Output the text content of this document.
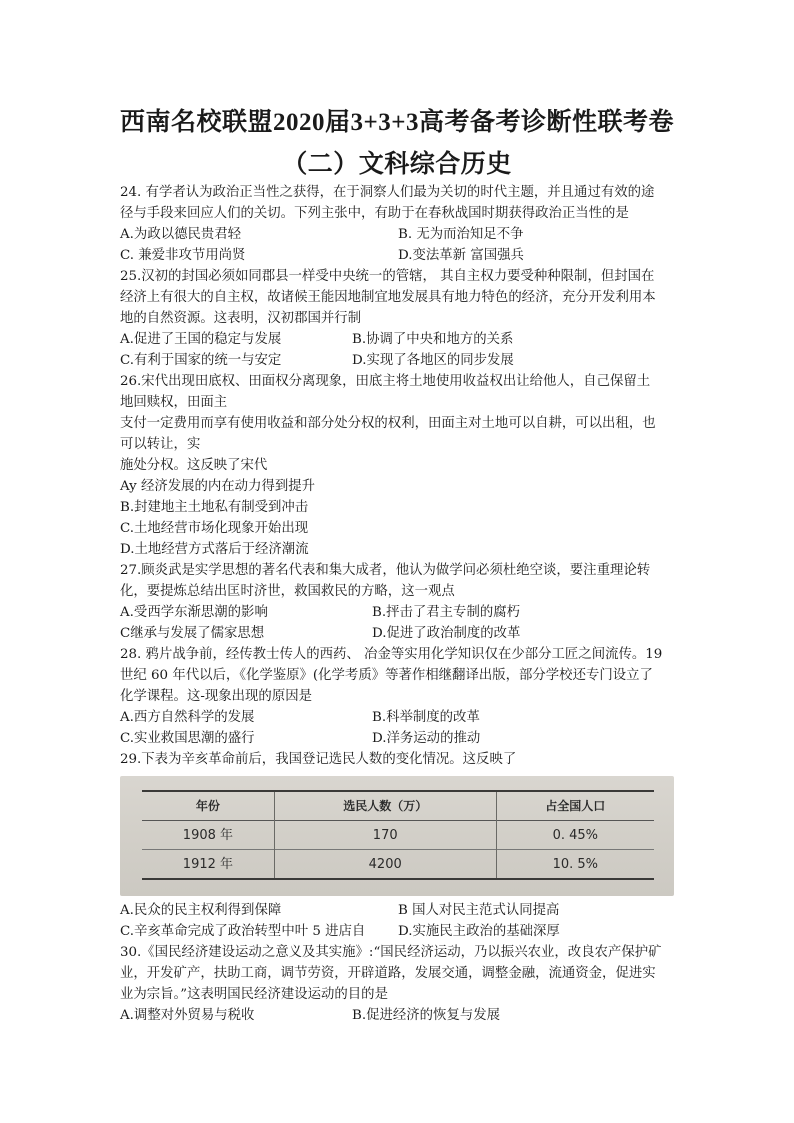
西南名校联盟2020届3+3+3高考备考诊断性联考卷
（二）文科综合历史
24. 有学者认为政治正当性之获得，在于洞察人们最为关切的时代主题，并且通过有效的途
径与手段来回应人们的关切。下列主张中，有助于在春秋战国时期获得政治正当性的是
A.为政以德民贵君轻	B. 无为而治知足不争
C. 兼爱非攻节用尚贤	D.变法革新 富国强兵
25.汉初的封国必须如同郡县一样受中央统一的管辖， 其自主权力要受种种限制，但封国在
经济上有很大的自主权，故诸候王能因地制宜地发展具有地力特色的经济，充分开发利用本
地的自然资源。这表明，汉初郡国并行制
A.促进了王国的稳定与发展	B.协调了中央和地方的关系
C.有利于国家的统一与安定	D.实现了各地区的同步发展
26.宋代出现田底权、田面权分离现象，田底主将土地使用收益权出让给他人，自己保留土
地回赎权，田面主
支付一定费用而享有使用收益和部分处分权的权利，田面主对土地可以自耕，可以出租，也
可以转让，实
施处分权。这反映了宋代
Ay 经济发展的内在动力得到提升
B.封建地主土地私有制受到冲击
C.土地经营市场化现象开始出现
D.土地经营方式落后于经济潮流
27.顾炎武是实学思想的著名代表和集大成者，他认为做学问必须杜绝空谈，要注重理论转
化，要提炼总结出匡时济世，救国救民的方略，这一观点
A.受西学东渐思潮的影响	B.抨击了君主专制的腐朽
C继承与发展了儒家思想	D.促进了政治制度的改革
28. 鸦片战争前，经传教士传人的西药、 冶金等实用化学知识仅在少部分工匠之间流传。19
世纪 60 年代以后，《化学鉴原》(化学考质》等著作相继翻译出版，部分学校还专门设立了
化学课程。这-现象出现的原因是
A.西方自然科学的发展	B.科举制度的改革
C.实业救国思潮的盛行	D.洋务运动的推动
29.下表为辛亥革命前后，我国登记选民人数的变化情况。这反映了
年份	选民人数（万）	占全国人口
1908 年	170	0. 45%
1912 年	4200	10. 5%
A.民众的民主权利得到保障	B 国人对民主范式认同提高
C.辛亥革命完成了政治转型中叶 5 进店自	D.实施民主政治的基础深厚
30.《国民经济建设运动之意义及其实施》:“国民经济运动，乃以振兴农业，改良农产保护矿
业，开发矿产，扶助工商，调节劳资，开辟道路，发展交通，调整金融，流通资金，促进实
业为宗旨。”这表明国民经济建设运动的目的是
A.调整对外贸易与税收	B.促进经济的恢复与发展
